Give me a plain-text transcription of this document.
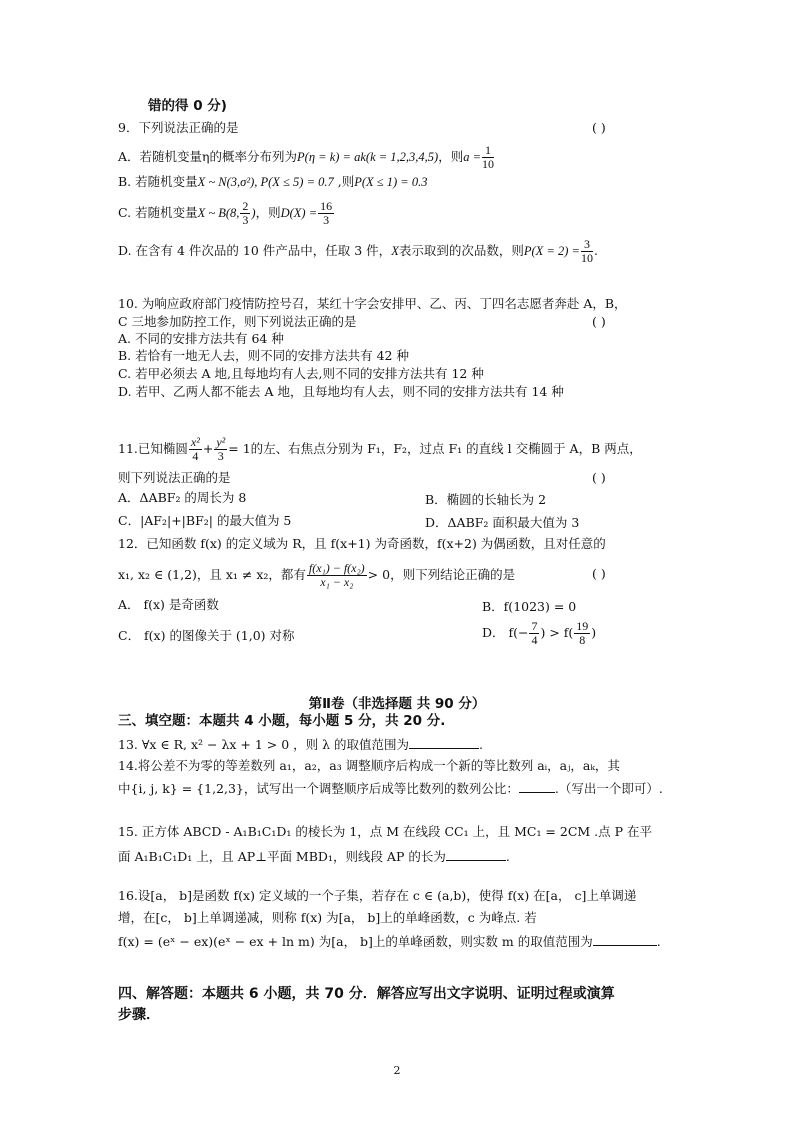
错的得 0 分)
9．下列说法正确的是	( )
A．若随机变量η的概率分布列为P(η = k) = ak(k = 1,2,3,4,5)，则$a = \frac{1}{10}$
B. 若随机变量X ~ N(3,σ²), P(X ≤ 5) = 0.7 ,则P(X ≤ 1) = 0.3
C. 若随机变量X ~ B(8, $\frac{2}{3}$ )，则$D(X) = \frac{16}{3}$
D. 在含有 4 件次品的 10 件产品中，任取 3 件，X表示取到的次品数，则$P(X = 2) = \frac{3}{10}$ .
10. 为响应政府部门疫情防控号召，某红十字会安排甲、乙、丙、丁四名志愿者奔赴 A，B，
C 三地参加防控工作，则下列说法正确的是	( )
A. 不同的安排方法共有 64 种
B. 若恰有一地无人去，则不同的安排方法共有 42 种
C. 若甲必须去 A 地,且每地均有人去,则不同的安排方法共有 12 种
D. 若甲、乙两人都不能去 A 地，且每地均有人去，则不同的安排方法共有 14 种
11.已知椭圆 $\frac{\text{x²}}{4} + \frac{\text{y²}}{3} = 1$的左、右焦点分别为 F₁，F₂，过点 F₁ 的直线 l 交椭圆于 A，B 两点，
则下列说法正确的是	( )
A．ΔABF₂ 的周长为 8	B．椭圆的长轴长为 2
C．|AF₂|+|BF₂| 的最大值为 5	D．ΔABF₂ 面积最大值为 3
12．已知函数 f(x) 的定义域为 R，且 f(x+1) 为奇函数，f(x+2) 为偶函数，且对任意的
x₁, x₂ ∈ (1,2)，且 x₁ ≠ x₂，都有 $\frac{\text{f(x₁) − f(x₂)}}{\text{x₁ − x₂}} > 0$，则下列结论正确的是	( )
A． f(x) 是奇函数	B．f(1023) = 0
C． f(x) 的图像关于 (1,0) 对称	D． $f(- \frac{7}{4}$ ) > $f( \frac{19}{8}$ )
第Ⅱ卷（非选择题 共 90 分）
三、填空题：本题共 4 小题，每小题 5 分，共 20 分.
13. ∀x ∈ R, x² − λx + 1 > 0 ，则 λ 的取值范围为	.
14.将公差不为零的等差数列 a₁，a₂，a₃ 调整顺序后构成一个新的等比数列 aᵢ，aⱼ，aₖ，其
中{i, j, k} = {1,2,3}，试写出一个调整顺序后成等比数列的数列公比：	.（写出一个即可）.
15. 正方体 ABCD - A₁B₁C₁D₁ 的棱长为 1，点 M 在线段 CC₁ 上，且 MC₁ = 2CM .点 P 在平
面 A₁B₁C₁D₁ 上，且 AP⊥平面 MBD₁，则线段 AP 的长为	.
16.设[a， b]是函数 f(x) 定义域的一个子集，若存在 c ∈ (a,b)，使得 f(x) 在[a， c]上单调递
增，在[c， b]上单调递减，则称 f(x) 为[a， b]上的单峰函数，c 为峰点. 若
f(x) = (eˣ − ex)(eˣ − ex + ln m) 为[a， b]上的单峰函数，则实数 m 的取值范围为	.
四、解答题：本题共 6 小题，共 70 分．解答应写出文字说明、证明过程或演算
步骤．
2
